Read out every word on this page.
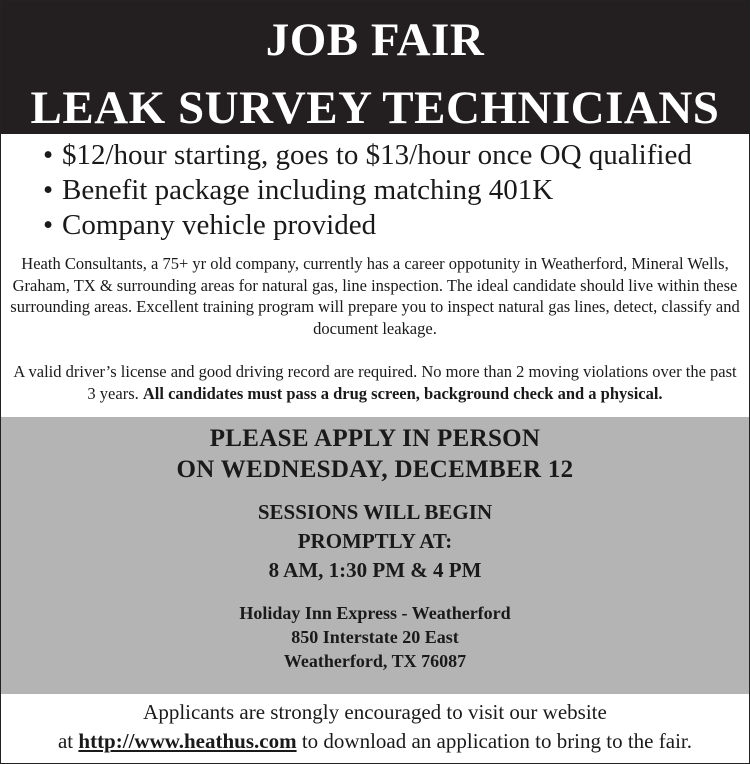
JOB FAIR
LEAK SURVEY TECHNICIANS
• $12/hour starting, goes to $13/hour once OQ qualified
• Benefit package including matching 401K
• Company vehicle provided

Heath Consultants, a 75+ yr old company, currently has a career oppotunity in Weatherford, Mineral Wells, Graham, TX & surrounding areas for natural gas, line inspection. The ideal candidate should live within these surrounding areas. Excellent training program will prepare you to inspect natural gas lines, detect, classify and document leakage.

A valid driver’s license and good driving record are required. No more than 2 moving violations over the past 3 years. All candidates must pass a drug screen, background check and a physical.

PLEASE APPLY IN PERSON
ON WEDNESDAY, DECEMBER 12
SESSIONS WILL BEGIN
PROMPTLY AT:
8 AM, 1:30 PM & 4 PM
Holiday Inn Express - Weatherford
850 Interstate 20 East
Weatherford, TX 76087
Applicants are strongly encouraged to visit our website
at http://www.heathus.com to download an application to bring to the fair.
